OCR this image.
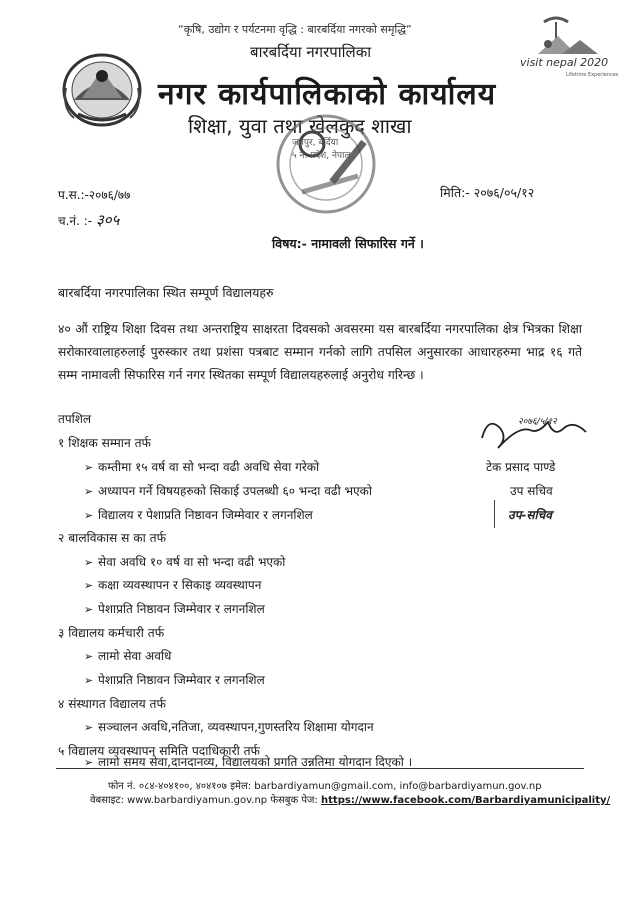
visit nepal 2020
Lifetime Experiences
“कृषि, उद्योग र पर्यटनमा वृद्धि : बारबर्दिया नगरको समृद्धि”
बारबर्दिया नगरपालिका
नगर कार्यपालिकाको कार्यालय
शिक्षा, युवा तथा खेलकुद शाखा
जयपुर, बर्दिया
५ नं. प्रदेश, नेपाल
प.स.:-२०७६/७७
च.नं. :- ३०५
मिति:- २०७६/०५/१२
विषय:- नामावली सिफारिस गर्ने ।
बारबर्दिया नगरपालिका स्थित सम्पूर्ण विद्यालयहरु
४० औं राष्ट्रिय शिक्षा दिवस तथा अन्तराष्ट्रिय साक्षरता दिवसको अवसरमा यस बारबर्दिया नगरपालिका क्षेत्र भित्रका शिक्षा सरोकारवालाहरुलाई पुरुस्कार तथा प्रशंसा पत्रबाट सम्मान गर्नको लागि तपसिल अनुसारका आधारहरुमा भाद्र १६ गते सम्म नामावली सिफारिस गर्न नगर स्थितका सम्पूर्ण विद्यालयहरुलाई अनुरोध गरिन्छ ।
तपशिल
१ शिक्षक सम्मान तर्फ
➢ कम्तीमा १५ वर्ष वा सो भन्दा वढी अवधि सेवा गरेको
➢ अध्यापन गर्ने विषयहरुको सिकाई उपलब्धी ६० भन्दा वढी भएको
➢ विद्यालय र पेशाप्रति निष्ठावन जिम्मेवार र लगनशिल
२ बालविकास स का तर्फ
➢ सेवा अवधि १० वर्ष वा सो भन्दा वढी भएको
➢ कक्षा व्यवस्थापन र सिकाइ व्यवस्थापन
➢ पेशाप्रति निष्ठावन जिम्मेवार र लगनशिल
३ विद्यालय कर्मचारी तर्फ
➢ लामो सेवा अवधि
➢ पेशाप्रति निष्ठावन जिम्मेवार र लगनशिल
४ संस्थागत विद्यालय तर्फ
➢ सञ्चालन अवधि,नतिजा, व्यवस्थापन,गुणस्तरिय शिक्षामा योगदान
५ विद्यालय व्यवस्थापन समिति पदाधिकारी तर्फ
➢ लामो समय सेवा,दानदानव्य, विद्यालयको प्रगति उन्नतिमा योगदान दिएको ।
२०७६/५/१२
टेक प्रसाद पाण्डे
उप सचिव
उप-सचिव
फोन नं. ०८४-४०४१००, ४०४१०७ इमेल: barbardiyamun@gmail.com, info@barbardiyamun.gov.np
वेबसाइट: www.barbardiyamun.gov.np फेसबुक पेज: https://www.facebook.com/Barbardiyamunicipality/
